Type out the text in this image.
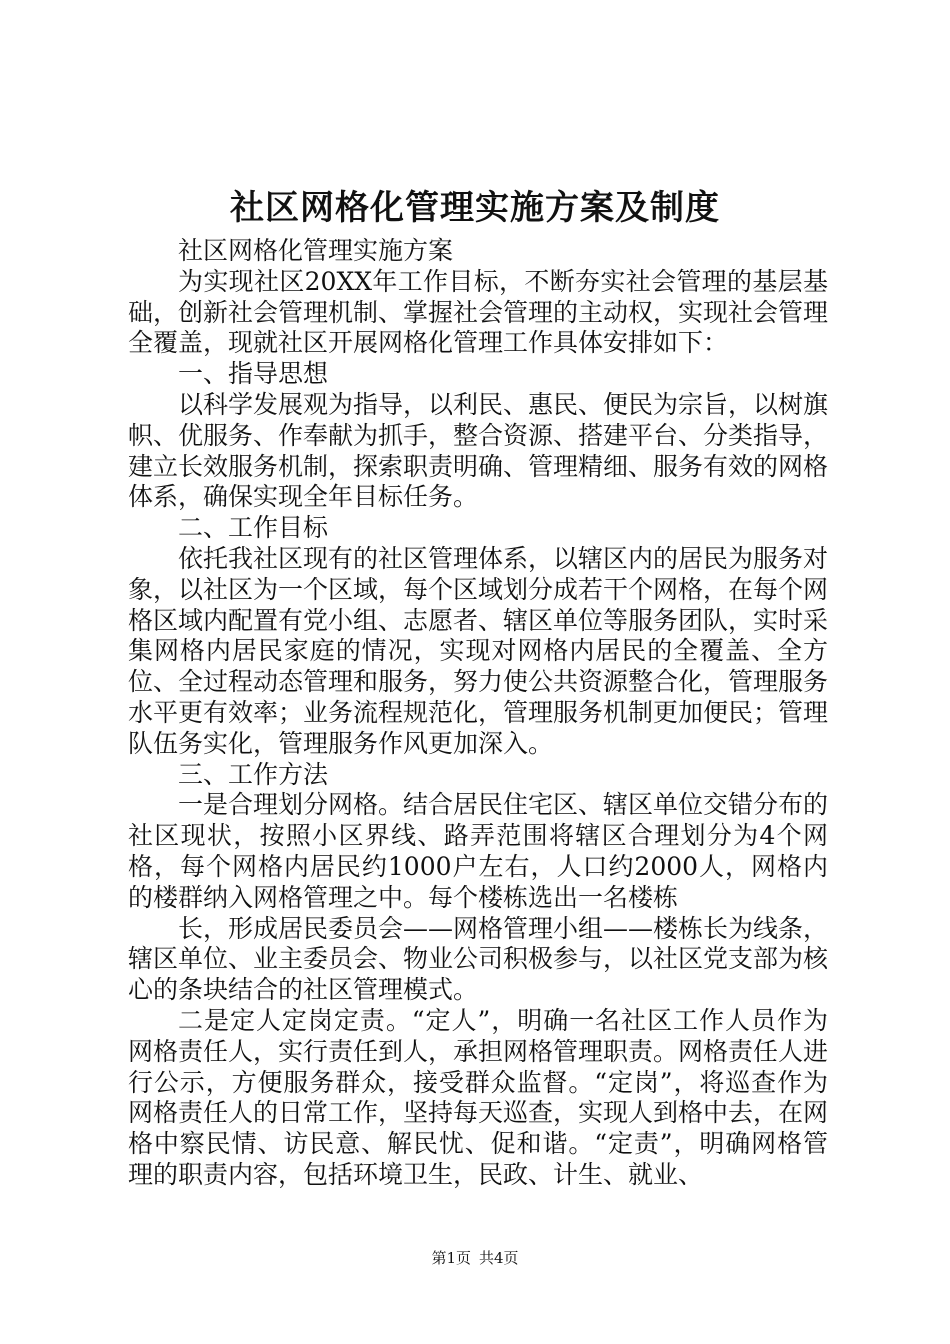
社区网格化管理实施方案及制度

社区网格化管理实施方案

为实现社区20XX年工作目标，不断夯实社会管理的基层基础，创新社会管理机制、掌握社会管理的主动权，实现社会管理全覆盖，现就社区开展网格化管理工作具体安排如下：

一、指导思想

以科学发展观为指导，以利民、惠民、便民为宗旨，以树旗帜、优服务、作奉献为抓手，整合资源、搭建平台、分类指导，建立长效服务机制，探索职责明确、管理精细、服务有效的网格体系，确保实现全年目标任务。

二、工作目标

依托我社区现有的社区管理体系，以辖区内的居民为服务对象，以社区为一个区域，每个区域划分成若干个网格，在每个网格区域内配置有党小组、志愿者、辖区单位等服务团队，实时采集网格内居民家庭的情况，实现对网格内居民的全覆盖、全方位、全过程动态管理和服务，努力使公共资源整合化，管理服务水平更有效率；业务流程规范化，管理服务机制更加便民；管理队伍务实化，管理服务作风更加深入。

三、工作方法

一是合理划分网格。结合居民住宅区、辖区单位交错分布的社区现状，按照小区界线、路弄范围将辖区合理划分为4个网格，每个网格内居民约1000户左右，人口约2000人，网格内的楼群纳入网格管理之中。每个楼栋选出一名楼栋

长，形成居民委员会——网格管理小组——楼栋长为线条，辖区单位、业主委员会、物业公司积极参与，以社区党支部为核心的条块结合的社区管理模式。

二是定人定岗定责。“定人”，明确一名社区工作人员作为网格责任人，实行责任到人，承担网格管理职责。网格责任人进行公示，方便服务群众，接受群众监督。“定岗”，将巡查作为网格责任人的日常工作，坚持每天巡查，实现人到格中去，在网格中察民情、访民意、解民忧、促和谐。“定责”，明确网格管理的职责内容，包括环境卫生，民政、计生、就业、

第1页 共4页
